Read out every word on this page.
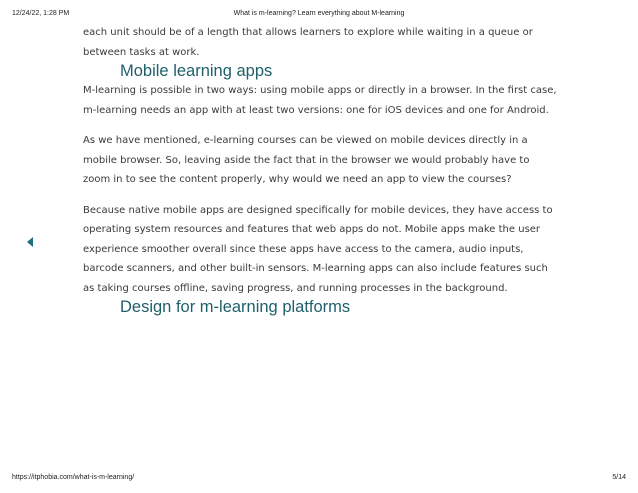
What is m-learning? Learn everything about M-learning
12/24/22, 1:28 PM

each unit should be of a length that allows learners to explore while waiting in a queue or between tasks at work.

Mobile learning apps

M-learning is possible in two ways: using mobile apps or directly in a browser. In the first case, m-learning needs an app with at least two versions: one for iOS devices and one for Android.

As we have mentioned, e-learning courses can be viewed on mobile devices directly in a mobile browser. So, leaving aside the fact that in the browser we would probably have to zoom in to see the content properly, why would we need an app to view the courses?

Because native mobile apps are designed specifically for mobile devices, they have access to operating system resources and features that web apps do not. Mobile apps make the user experience smoother overall since these apps have access to the camera, audio inputs, barcode scanners, and other built-in sensors. M-learning apps can also include features such as taking courses offline, saving progress, and running processes in the background.

Design for m-learning platforms
https://itphobia.com/what-is-m-learning/	5/14
